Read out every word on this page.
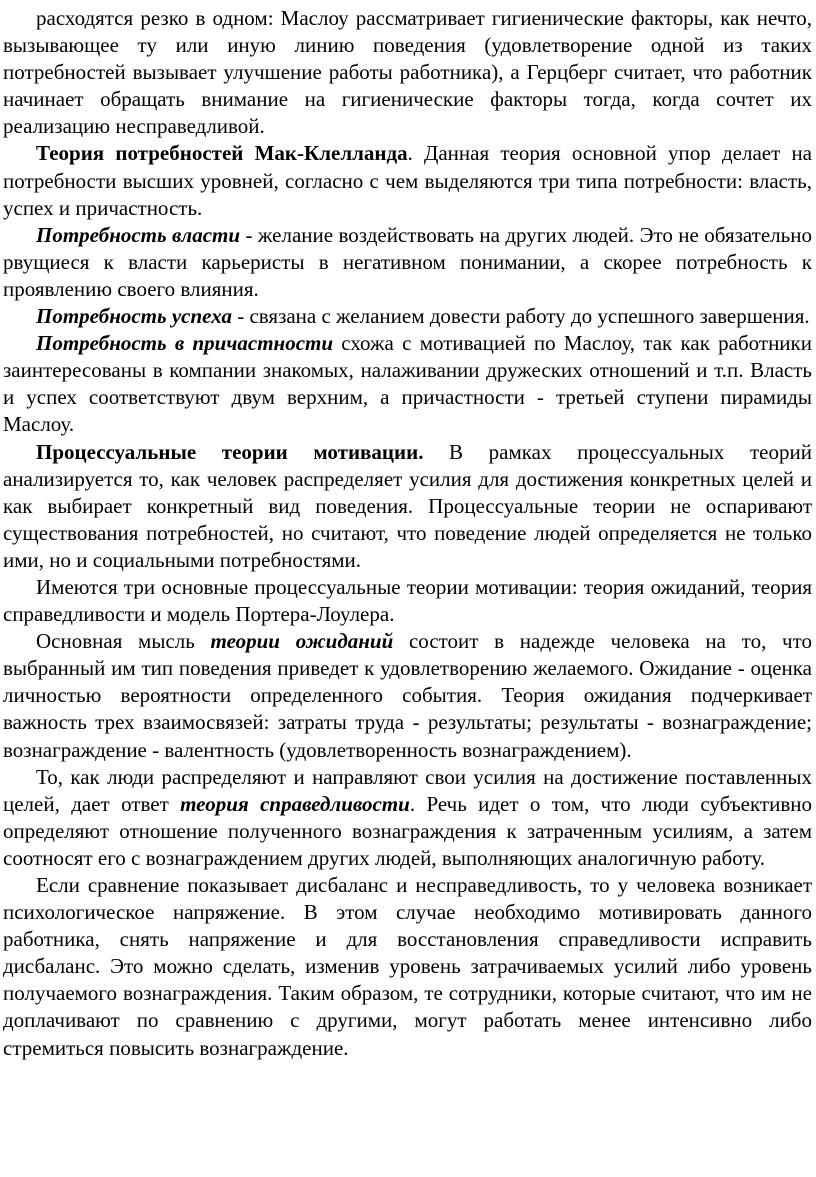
расходятся резко в одном: Маслоу рассматривает гигиенические факторы, как нечто, вызывающее ту или иную линию поведения (удовлетворение одной из таких потребностей вызывает улучшение работы работника), а Герцберг считает, что работник начинает обращать внимание на гигиенические факторы тогда, когда сочтет их реализацию несправедливой.

Теория потребностей Мак-Клелланда. Данная теория основной упор делает на потребности высших уровней, согласно с чем выделяются три типа потребности: власть, успех и причастность.

Потребность власти - желание воздействовать на других людей. Это не обязательно рвущиеся к власти карьеристы в негативном понимании, а скорее потребность к проявлению своего влияния.

Потребность успеха - связана с желанием довести работу до успешного завершения.

Потребность в причастности схожа с мотивацией по Маслоу, так как работники заинтересованы в компании знакомых, налаживании дружеских отношений и т.п. Власть и успех соответствуют двум верхним, а причастности - третьей ступени пирамиды Маслоу.

Процессуальные теории мотивации. В рамках процессуальных теорий анализируется то, как человек распределяет усилия для достижения конкретных целей и как выбирает конкретный вид поведения. Процессуальные теории не оспаривают существования потребностей, но считают, что поведение людей определяется не только ими, но и социальными потребностями.

Имеются три основные процессуальные теории мотивации: теория ожиданий, теория справедливости и модель Портера-Лоулера.

Основная мысль теории ожиданий состоит в надежде человека на то, что выбранный им тип поведения приведет к удовлетворению желаемого. Ожидание - оценка личностью вероятности определенного события. Теория ожидания подчеркивает важность трех взаимосвязей: затраты труда - результаты; результаты - вознаграждение; вознаграждение - валентность (удовлетворенность вознаграждением).

То, как люди распределяют и направляют свои усилия на достижение поставленных целей, дает ответ теория справедливости. Речь идет о том, что люди субъективно определяют отношение полученного вознаграждения к затраченным усилиям, а затем соотносят его с вознаграждением других людей, выполняющих аналогичную работу.

Если сравнение показывает дисбаланс и несправедливость, то у человека возникает психологическое напряжение. В этом случае необходимо мотивировать данного работника, снять напряжение и для восстановления справедливости исправить дисбаланс. Это можно сделать, изменив уровень затрачиваемых усилий либо уровень получаемого вознаграждения. Таким образом, те сотрудники, которые считают, что им не доплачивают по сравнению с другими, могут работать менее интенсивно либо стремиться повысить вознаграждение.
